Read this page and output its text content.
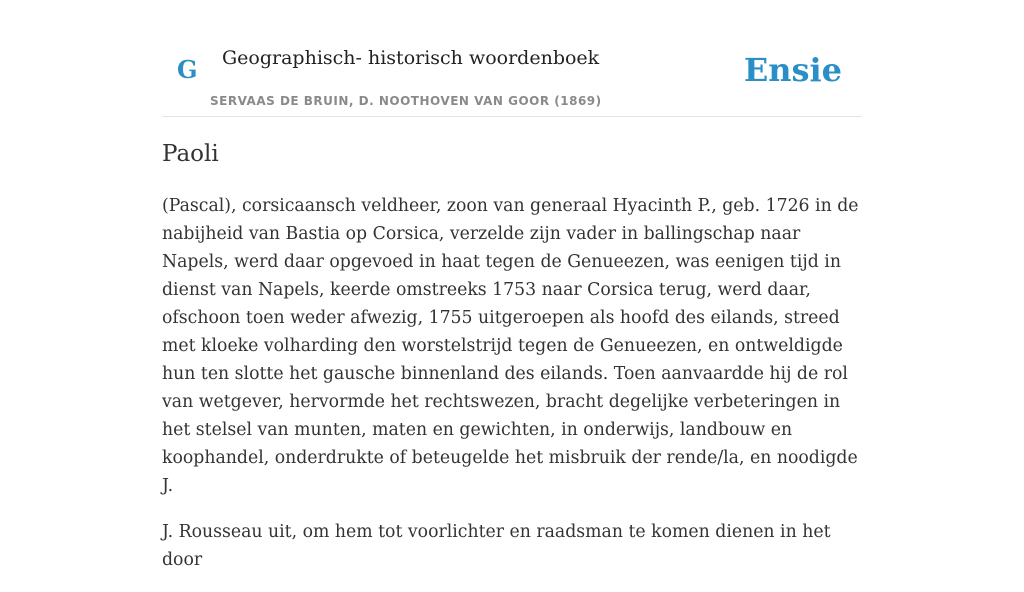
G Geographisch- historisch woordenboek
SERVAAS DE BRUIN, D. NOOTHOVEN VAN GOOR (1869)
Ensie
Paoli

(Pascal), corsicaansch veldheer, zoon van generaal Hyacinth P., geb. 1726 in de nabijheid van Bastia op Corsica, verzelde zijn vader in ballingschap naar Napels, werd daar opgevoed in haat tegen de Genueezen, was eenigen tijd in dienst van Napels, keerde omstreeks 1753 naar Corsica terug, werd daar, ofschoon toen weder afwezig, 1755 uitgeroepen als hoofd des eilands, streed met kloeke volharding den worstelstrijd tegen de Genueezen, en ontweldigde hun ten slotte het gausche binnenland des eilands. Toen aanvaardde hij de rol van wetgever, hervormde het rechtswezen, bracht degelijke verbeteringen in het stelsel van munten, maten en gewichten, in onderwijs, landbouw en koophandel, onderdrukte of beteugelde het misbruik der rende/la, en noodigde J.

J. Rousseau uit, om hem tot voorlichter en raadsman te komen dienen in het door
